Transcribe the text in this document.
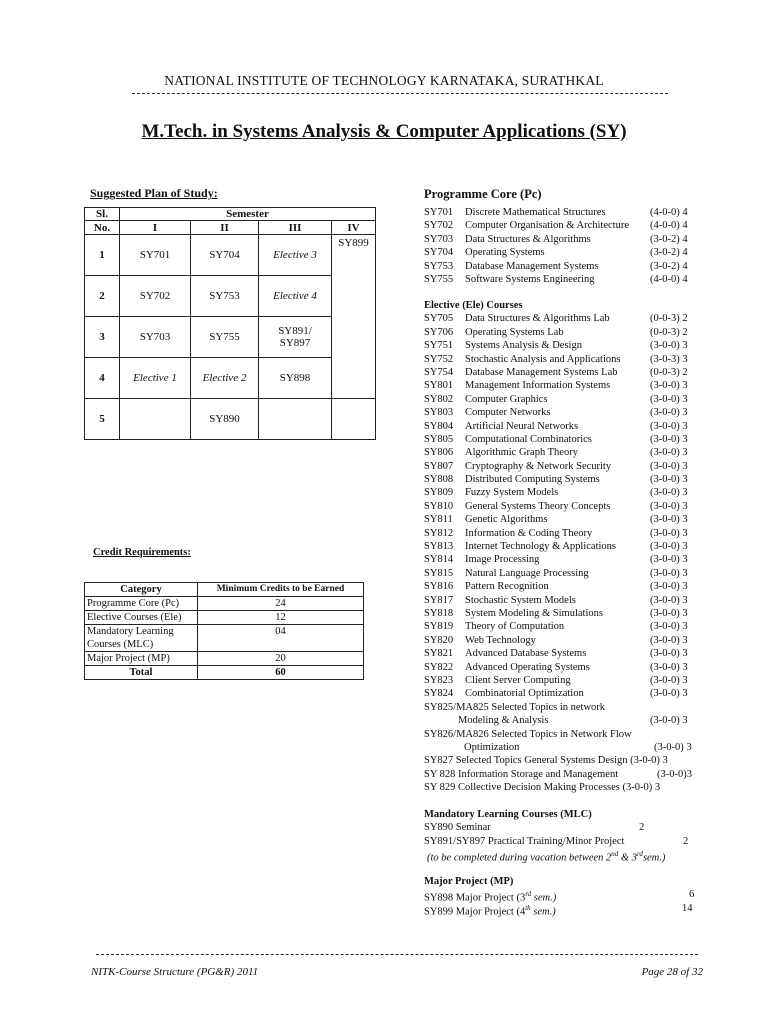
NATIONAL INSTITUTE OF TECHNOLOGY KARNATAKA, SURATHKAL
M.Tech. in Systems Analysis & Computer Applications (SY)
Suggested Plan of Study:
Sl.	Semester			
No.	I	II	III	IV
1	SY701	SY704	Elective 3	SY899
2	SY702	SY753	Elective 4	
3	SY703	SY755	SY891/
SY897	
4	Elective 1	Elective 2	SY898	
5		SY890		
Credit Requirements:
Category	Minimum Credits to be Earned
Programme Core (Pc)	24
Elective Courses (Ele)	12
Mandatory Learning
Courses (MLC)	04
Major Project (MP)	20
Total	60
Programme Core (Pc)
SY701 Discrete Mathematical Structures	(4-0-0) 4
SY702 Computer Organisation & Architecture (4-0-0) 4
SY703 Data Structures & Algorithms	(3-0-2) 4
SY704 Operating Systems	(3-0-2) 4
SY753 Database Management Systems	(3-0-2) 4
SY755 Software Systems Engineering	(4-0-0) 4
Elective (Ele) Courses
SY705 Data Structures & Algorithms Lab	(0-0-3) 2
SY706 Operating Systems Lab	(0-0-3) 2
SY751 Systems Analysis & Design	(3-0-0) 3
SY752 Stochastic Analysis and Applications	(3-0-3) 3
SY754 Database Management Systems Lab	(0-0-3) 2
SY801 Management Information Systems	(3-0-0) 3
SY802 Computer Graphics	(3-0-0) 3
SY803 Computer Networks	(3-0-0) 3
SY804 Artificial Neural Networks	(3-0-0) 3
SY805 Computational Combinatorics	(3-0-0) 3
SY806 Algorithmic Graph Theory	(3-0-0) 3
SY807 Cryptography & Network Security	(3-0-0) 3
SY808 Distributed Computing Systems	(3-0-0) 3
SY809 Fuzzy System Models	(3-0-0) 3
SY810 General Systems Theory Concepts	(3-0-0) 3
SY811 Genetic Algorithms	(3-0-0) 3
SY812 Information & Coding Theory	(3-0-0) 3
SY813 Internet Technology & Applications	(3-0-0) 3
SY814 Image Processing	(3-0-0) 3
SY815 Natural Language Processing	(3-0-0) 3
SY816 Pattern Recognition	(3-0-0) 3
SY817 Stochastic System Models	(3-0-0) 3
SY818 System Modeling & Simulations	(3-0-0) 3
SY819 Theory of Computation	(3-0-0) 3
SY820 Web Technology	(3-0-0) 3
SY821 Advanced Database Systems	(3-0-0) 3
SY822 Advanced Operating Systems	(3-0-0) 3
SY823 Client Server Computing	(3-0-0) 3
SY824 Combinatorial Optimization	(3-0-0) 3
SY825/MA825 Selected Topics in network
Modeling & Analysis	(3-0-0) 3
SY826/MA826 Selected Topics in Network Flow
Optimization	(3-0-0) 3
SY827 Selected Topics General Systems Design (3-0-0) 3
SY 828 Information Storage and Management	(3-0-0)3
SY 829 Collective Decision Making Processes (3-0-0) 3
Mandatory Learning Courses (MLC)
SY890 Seminar	2
SY891/SY897 Practical Training/Minor Project	2
(to be completed during vacation between 2nd & 3rdsem.)
Major Project (MP)
SY898 Major Project (3rd sem.)	6
SY899 Major Project (4th sem.)	14
NITK-Course Structure (PG&R) 2011	Page 28 of 32
